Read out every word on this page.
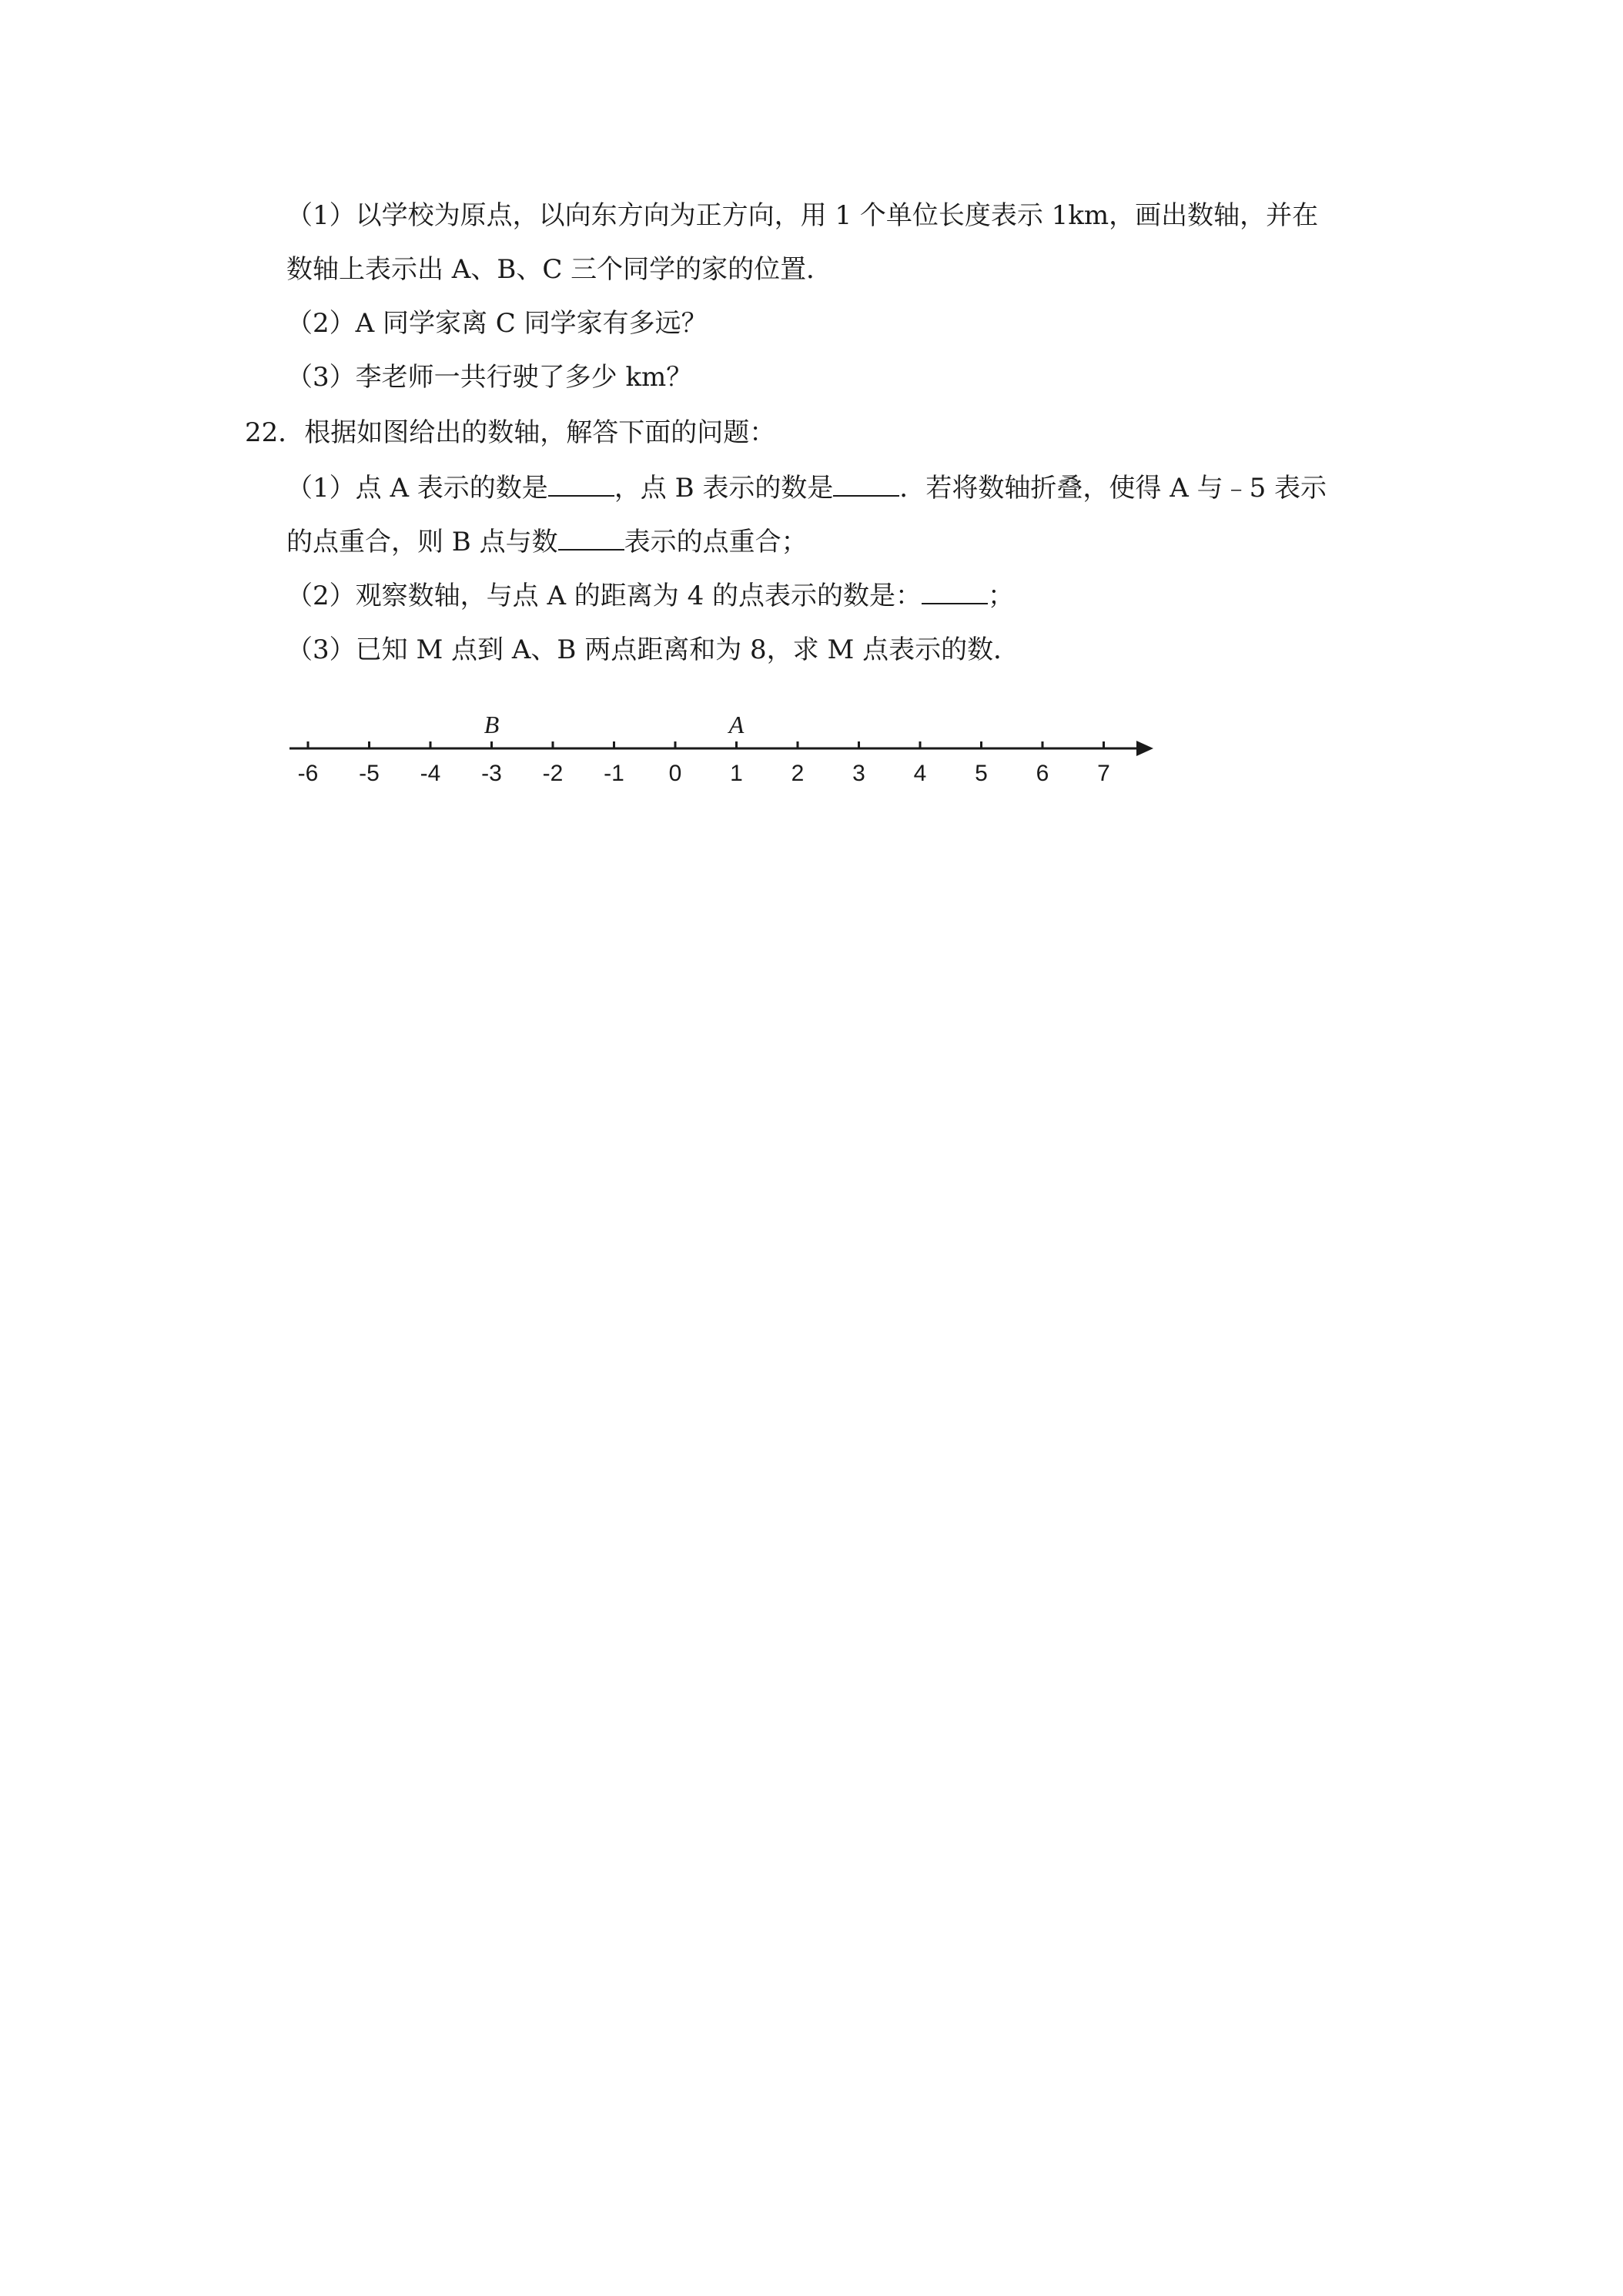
（1）以学校为原点，以向东方向为正方向，用 1 个单位长度表示 1km，画出数轴，并在
数轴上表示出 A、B、C 三个同学的家的位置．
（2）A 同学家离 C 同学家有多远？
（3）李老师一共行驶了多少 km？
22．根据如图给出的数轴，解答下面的问题：
（1）点 A 表示的数是	，点 B 表示的数是	．若将数轴折叠，使得 A 与﹣5 表示
的点重合，则 B 点与数	表示的点重合；
（2）观察数轴，与点 A 的距离为 4 的点表示的数是：	；
（3）已知 M 点到 A、B 两点距离和为 8，求 M 点表示的数．
-6 -5 -4 -3 -2 -1 0 1 2 3 4 5 6 7
B	A
